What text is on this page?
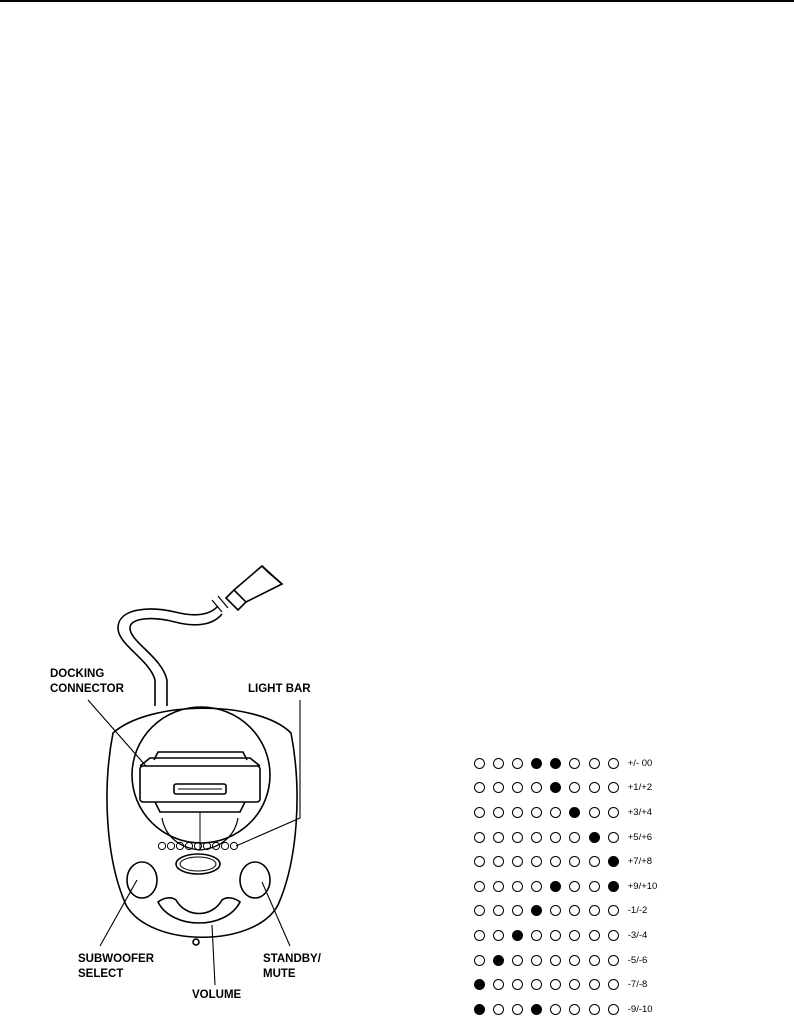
DOCKING
CONNECTOR	LIGHT BAR
SUBWOOFER
SELECT
STANDBY/
MUTE
VOLUME
+/- 00
+1/+2
+3/+4
+5/+6
+7/+8
+9/+10
-1/-2
-3/-4
-5/-6
-7/-8
-9/-10
